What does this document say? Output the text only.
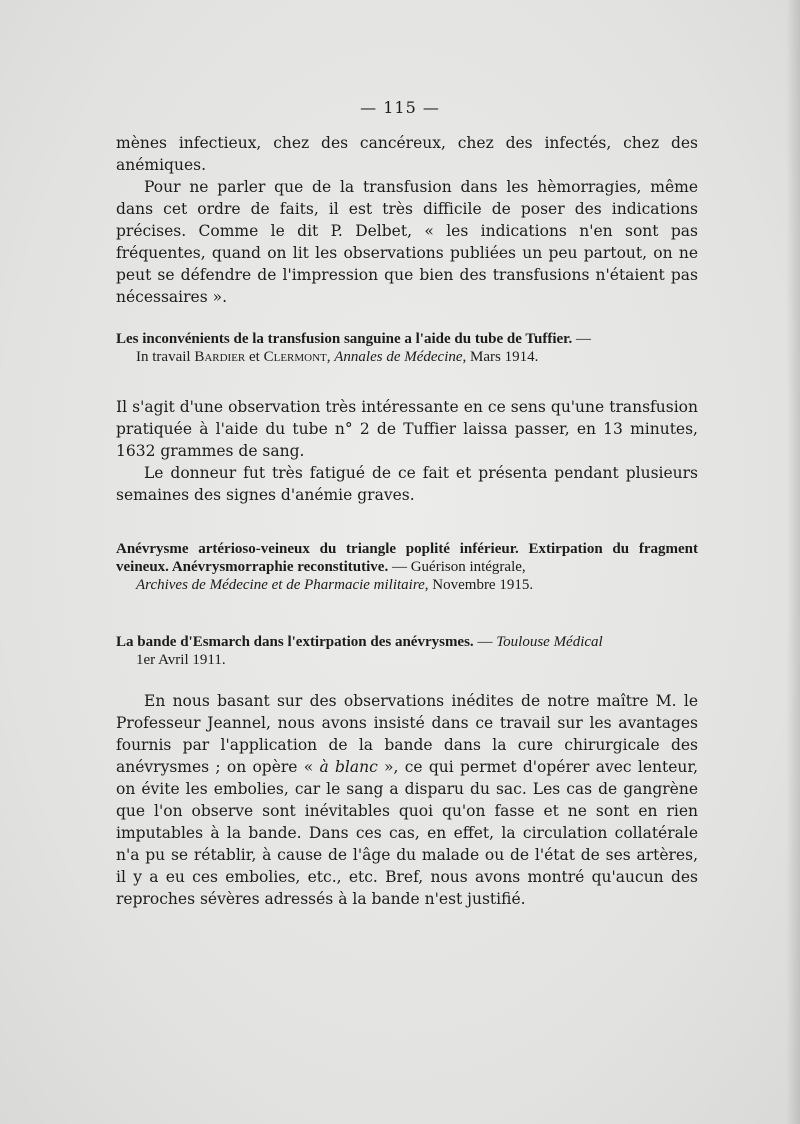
— 115 —

mènes infectieux, chez des cancéreux, chez des infectés, chez des anémiques.

Pour ne parler que de la transfusion dans les hèmorragies, même dans cet ordre de faits, il est très difficile de poser des indications précises. Comme le dit P. Delbet, « les indications n'en sont pas fréquentes, quand on lit les observations publiées un peu partout, on ne peut se défendre de l'impression que bien des transfusions n'étaient pas nécessaires ».

Les inconvénients de la transfusion sanguine a l'aide du tube de Tuffier. —

In travail Bardier et Clermont, Annales de Médecine, Mars 1914.

Il s'agit d'une observation très intéressante en ce sens qu'une transfusion pratiquée à l'aide du tube n° 2 de Tuffier laissa passer, en 13 minutes, 1632 grammes de sang.

Le donneur fut très fatigué de ce fait et présenta pendant plusieurs semaines des signes d'anémie graves.

Anévrysme artérioso-veineux du triangle poplité inférieur. Extirpation du fragment veineux. Anévrysmorraphie reconstitutive. — Guérison intégrale,

Archives de Médecine et de Pharmacie militaire, Novembre 1915.

La bande d'Esmarch dans l'extirpation des anévrysmes. — Toulouse Médical

1er Avril 1911.

En nous basant sur des observations inédites de notre maître M. le Professeur Jeannel, nous avons insisté dans ce travail sur les avantages fournis par l'application de la bande dans la cure chirurgicale des anévrysmes ; on opère « à blanc », ce qui permet d'opérer avec lenteur, on évite les embolies, car le sang a disparu du sac. Les cas de gangrène que l'on observe sont inévitables quoi qu'on fasse et ne sont en rien imputables à la bande. Dans ces cas, en effet, la circulation collatérale n'a pu se rétablir, à cause de l'âge du malade ou de l'état de ses artères, il y a eu ces embolies, etc., etc. Bref, nous avons montré qu'aucun des reproches sévères adressés à la bande n'est justifié.
